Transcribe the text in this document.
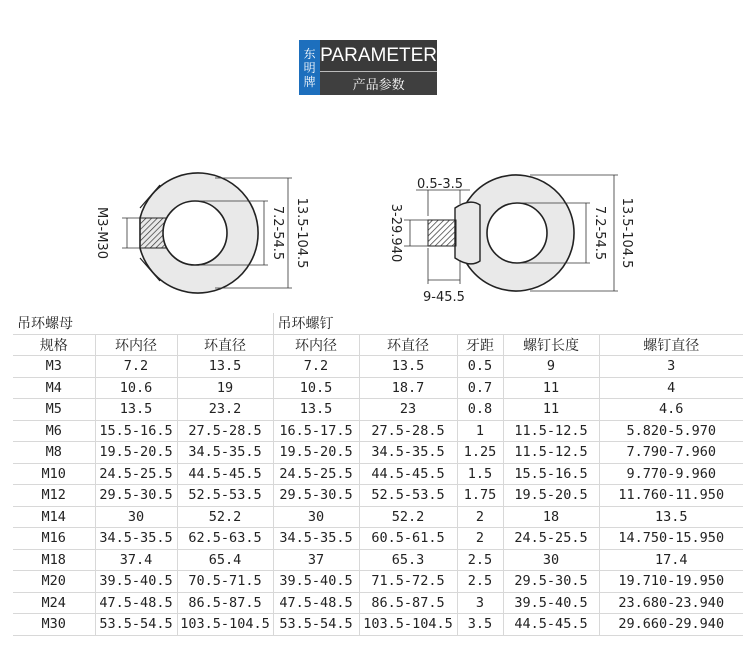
东
明
牌
PARAMETER
产品参数
M3-M30	7.2-54.5 13.5-104.5
0.5-3.5
3-29.940
9-45.5
7.2-54.5 13.5-104.5
吊环螺母			吊环螺钉				
规格	环内径	环直径	环内径	环直径	牙距	螺钉长度	螺钉直径
M3	7.2	13.5	7.2	13.5	0.5	9	3
M4	10.6	19	10.5	18.7	0.7	11	4
M5	13.5	23.2	13.5	23	0.8	11	4.6
M6	15.5-16.5	27.5-28.5	16.5-17.5	27.5-28.5	1	11.5-12.5	5.820-5.970
M8	19.5-20.5	34.5-35.5	19.5-20.5	34.5-35.5	1.25	11.5-12.5	7.790-7.960
M10	24.5-25.5	44.5-45.5	24.5-25.5	44.5-45.5	1.5	15.5-16.5	9.770-9.960
M12	29.5-30.5	52.5-53.5	29.5-30.5	52.5-53.5	1.75	19.5-20.5	11.760-11.950
M14	30	52.2	30	52.2	2	18	13.5
M16	34.5-35.5	62.5-63.5	34.5-35.5	60.5-61.5	2	24.5-25.5	14.750-15.950
M18	37.4	65.4	37	65.3	2.5	30	17.4
M20	39.5-40.5	70.5-71.5	39.5-40.5	71.5-72.5	2.5	29.5-30.5	19.710-19.950
M24	47.5-48.5	86.5-87.5	47.5-48.5	86.5-87.5	3	39.5-40.5	23.680-23.940
M30	53.5-54.5	103.5-104.5	53.5-54.5	103.5-104.5	3.5	44.5-45.5	29.660-29.940
